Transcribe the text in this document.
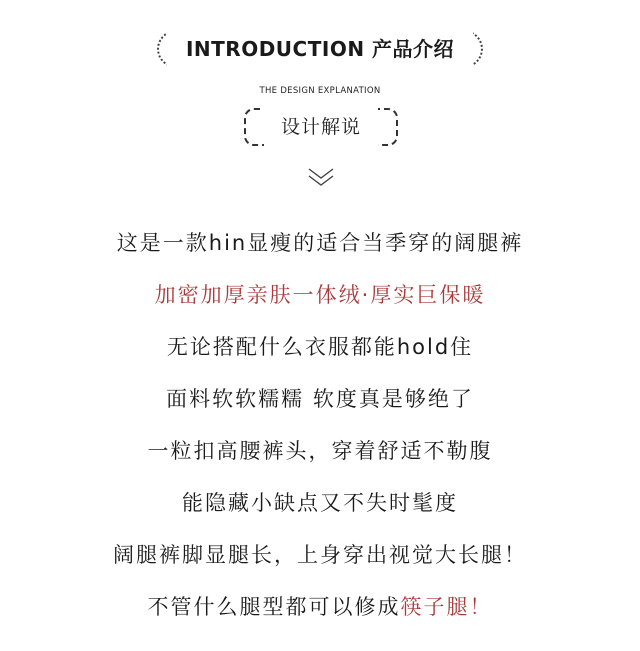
INTRODUCTION 产品介绍
THE DESIGN EXPLANATION
设计解说
这是一款hin显瘦的适合当季穿的阔腿裤
加密加厚亲肤一体绒·厚实巨保暖
无论搭配什么衣服都能hold住
面料软软糯糯 软度真是够绝了
一粒扣高腰裤头，穿着舒适不勒腹
能隐藏小缺点又不失时髦度
阔腿裤脚显腿长，上身穿出视觉大长腿！
不管什么腿型都可以修成筷子腿！
